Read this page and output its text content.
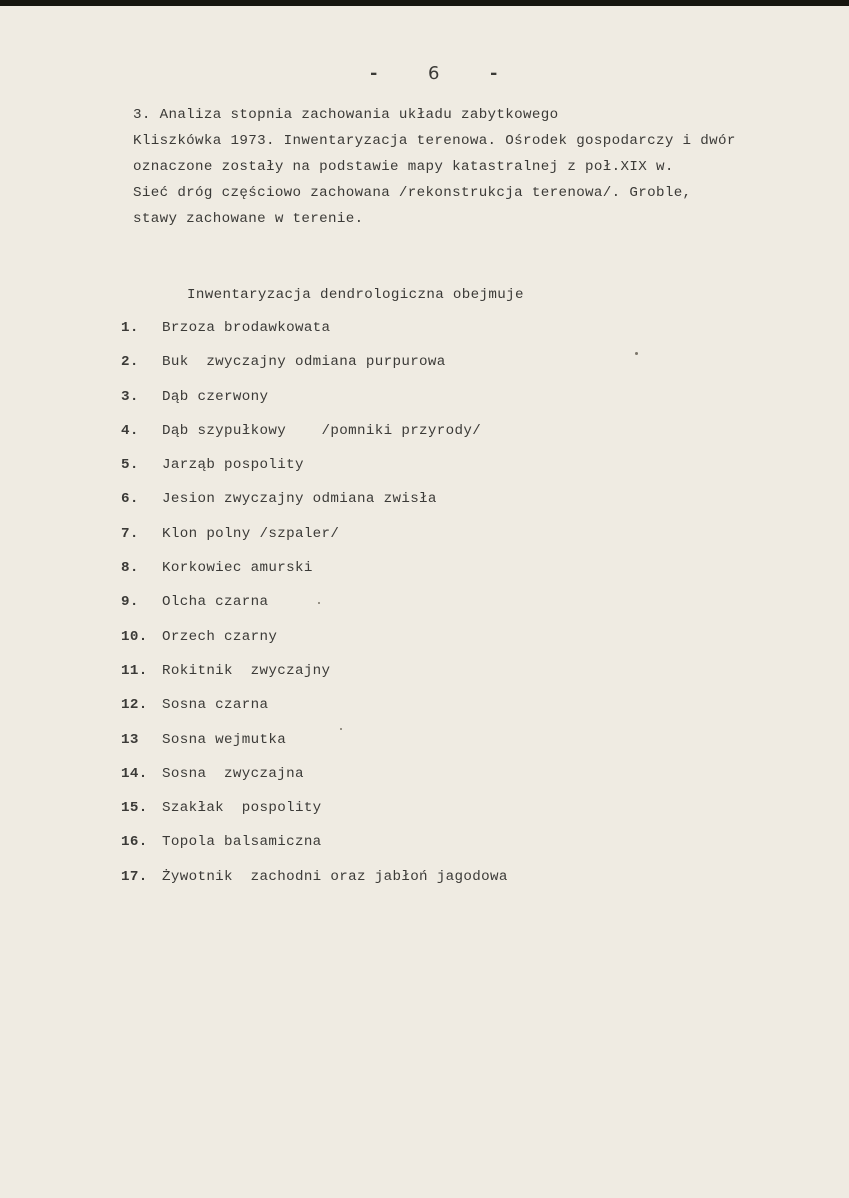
-	6	-
3. Analiza stopnia zachowania układu zabytkowego
Kliszkówka 1973. Inwentaryzacja terenowa. Ośrodek gospodarczy i dwór
oznaczone zostały na podstawie mapy katastralnej z poł.XIX w.
Sieć dróg częściowo zachowana /rekonstrukcja terenowa/. Groble,
stawy zachowane w terenie.
Inwentaryzacja dendrologiczna obejmuje
1. Brzoza brodawkowata
2. Buk  zwyczajny odmiana purpurowa
3. Dąb czerwony
4. Dąb szypułkowy    /pomniki przyrody/
5. Jarząb pospolity
6. Jesion zwyczajny odmiana zwisła
7. Klon polny /szpaler/
8. Korkowiec amurski
9. Olcha czarna
10. Orzech czarny
11. Rokitnik  zwyczajny
12. Sosna czarna
13 Sosna wejmutka
14. Sosna  zwyczajna
15. Szakłak  pospolity
16. Topola balsamiczna
17. Żywotnik  zachodni oraz jabłoń jagodowa
